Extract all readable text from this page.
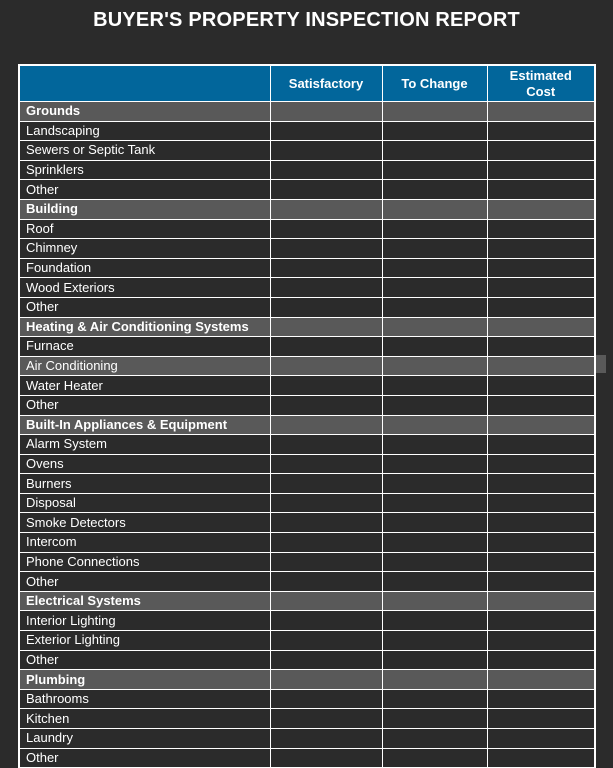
BUYER'S PROPERTY INSPECTION REPORT
	Satisfactory	To Change	Estimated
Cost
Grounds			
Landscaping			
Sewers or Septic Tank			
Sprinklers			
Other			
Building			
Roof			
Chimney			
Foundation			
Wood Exteriors			
Other			
Heating & Air Conditioning Systems			
Furnace			
Air Conditioning			
Water Heater			
Other			
Built-In Appliances & Equipment			
Alarm System			
Ovens			
Burners			
Disposal			
Smoke Detectors			
Intercom			
Phone Connections			
Other			
Electrical Systems			
Interior Lighting			
Exterior Lighting			
Other			
Plumbing			
Bathrooms			
Kitchen			
Laundry			
Other			
